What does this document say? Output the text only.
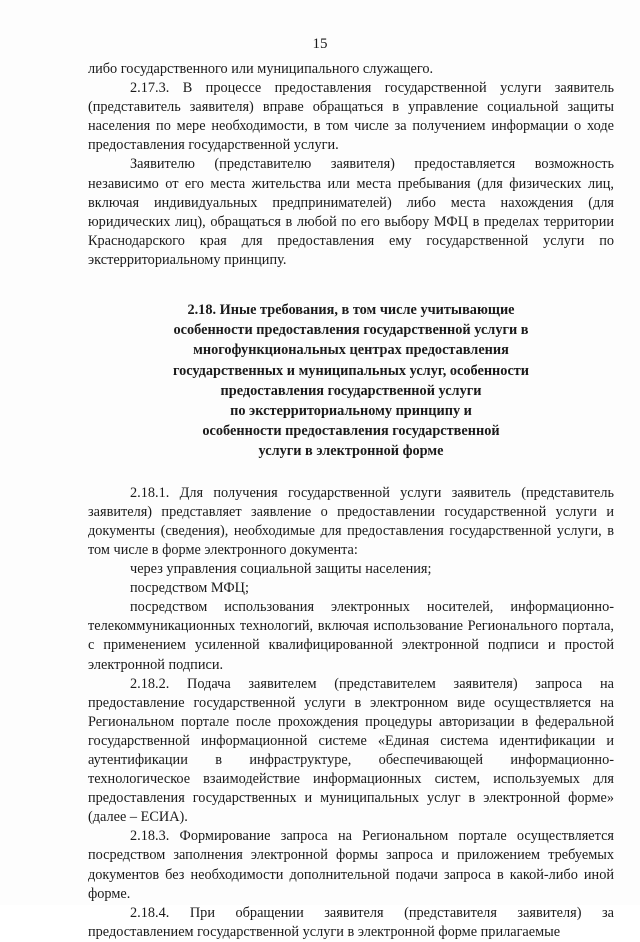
15

либо государственного или муниципального служащего.

2.17.3. В процессе предоставления государственной услуги заявитель (представитель заявителя) вправе обращаться в управление социальной защиты населения по мере необходимости, в том числе за получением информации о ходе предоставления государственной услуги.

Заявителю (представителю заявителя) предоставляется возможность независимо от его места жительства или места пребывания (для физических лиц, включая индивидуальных предпринимателей) либо места нахождения (для юридических лиц), обращаться в любой по его выбору МФЦ в пределах территории Краснодарского края для предоставления ему государственной услуги по экстерриториальному принципу.

2.18. Иные требования, в том числе учитывающие
особенности предоставления государственной услуги в
многофункциональных центрах предоставления
государственных и муниципальных услуг, особенности
предоставления государственной услуги
по экстерриториальному принципу и
особенности предоставления государственной
услуги в электронной форме

2.18.1. Для получения государственной услуги заявитель (представитель заявителя) представляет заявление о предоставлении государственной услуги и документы (сведения), необходимые для предоставления государственной услуги, в том числе в форме электронного документа:

через управления социальной защиты населения;

посредством МФЦ;

посредством использования электронных носителей, информационно-телекоммуникационных технологий, включая использование Регионального портала, с применением усиленной квалифицированной электронной подписи и простой электронной подписи.

2.18.2. Подача заявителем (представителем заявителя) запроса на предоставление государственной услуги в электронном виде осуществляется на Региональном портале после прохождения процедуры авторизации в федеральной государственной информационной системе «Единая система идентификации и аутентификации в инфраструктуре, обеспечивающей информационно-технологическое взаимодействие информационных систем, используемых для предоставления государственных и муниципальных услуг в электронной форме» (далее – ЕСИА).

2.18.3. Формирование запроса на Региональном портале осуществляется посредством заполнения электронной формы запроса и приложением требуемых документов без необходимости дополнительной подачи запроса в какой-либо иной форме.

2.18.4. При обращении заявителя (представителя заявителя) за предоставлением государственной услуги в электронной форме прилагаемые
